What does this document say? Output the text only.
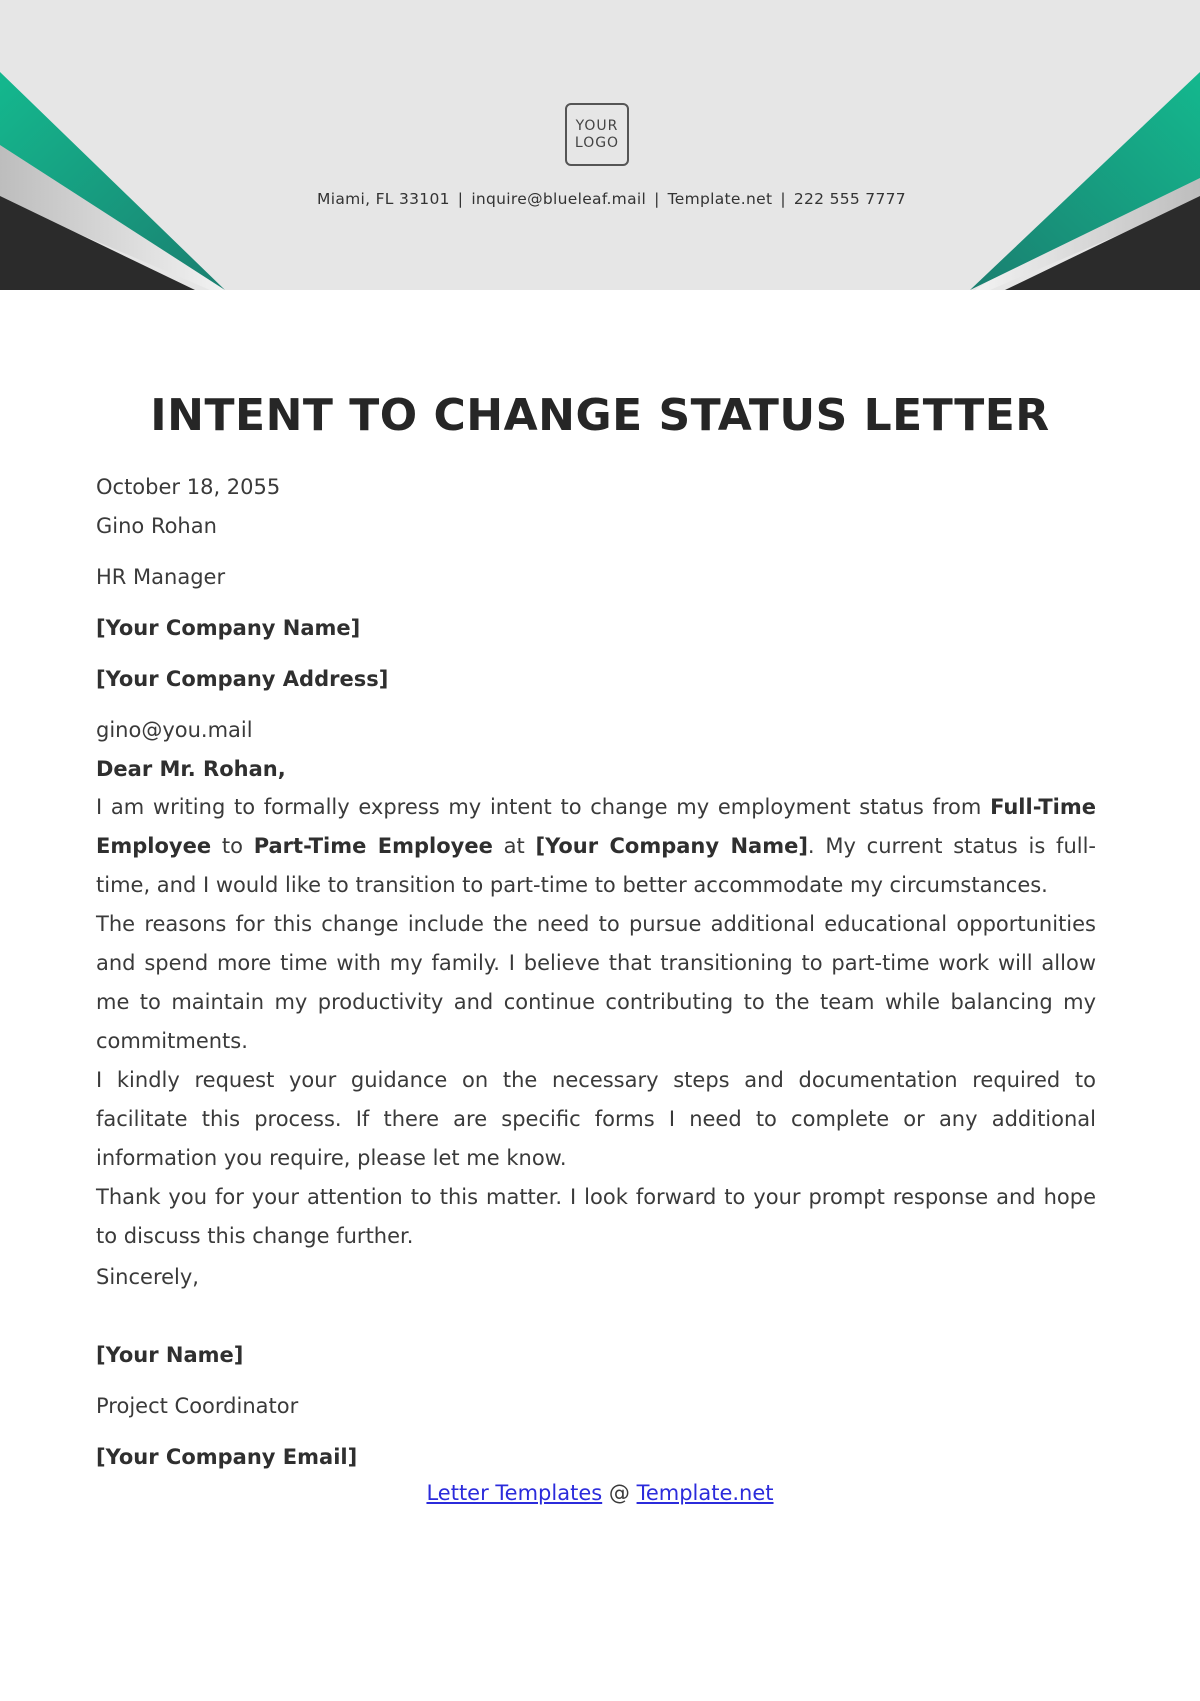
YOUR
LOGO
Miami, FL 33101 | inquire@blueleaf.mail | Template.net | 222 555 7777
INTENT TO CHANGE STATUS LETTER
October 18, 2055
Gino Rohan
HR Manager
[Your Company Name]
[Your Company Address]
gino@you.mail
Dear Mr. Rohan,

I am writing to formally express my intent to change my employment status from Full-Time Employee to Part-Time Employee at [Your Company Name]. My current status is full-time, and I would like to transition to part-time to better accommodate my circumstances.

The reasons for this change include the need to pursue additional educational opportunities and spend more time with my family. I believe that transitioning to part-time work will allow me to maintain my productivity and continue contributing to the team while balancing my commitments.

I kindly request your guidance on the necessary steps and documentation required to facilitate this process. If there are specific forms I need to complete or any additional information you require, please let me know.

Thank you for your attention to this matter. I look forward to your prompt response and hope to discuss this change further.

Sincerely,
[Your Name]
Project Coordinator
[Your Company Email]
Letter Templates @ Template.net
